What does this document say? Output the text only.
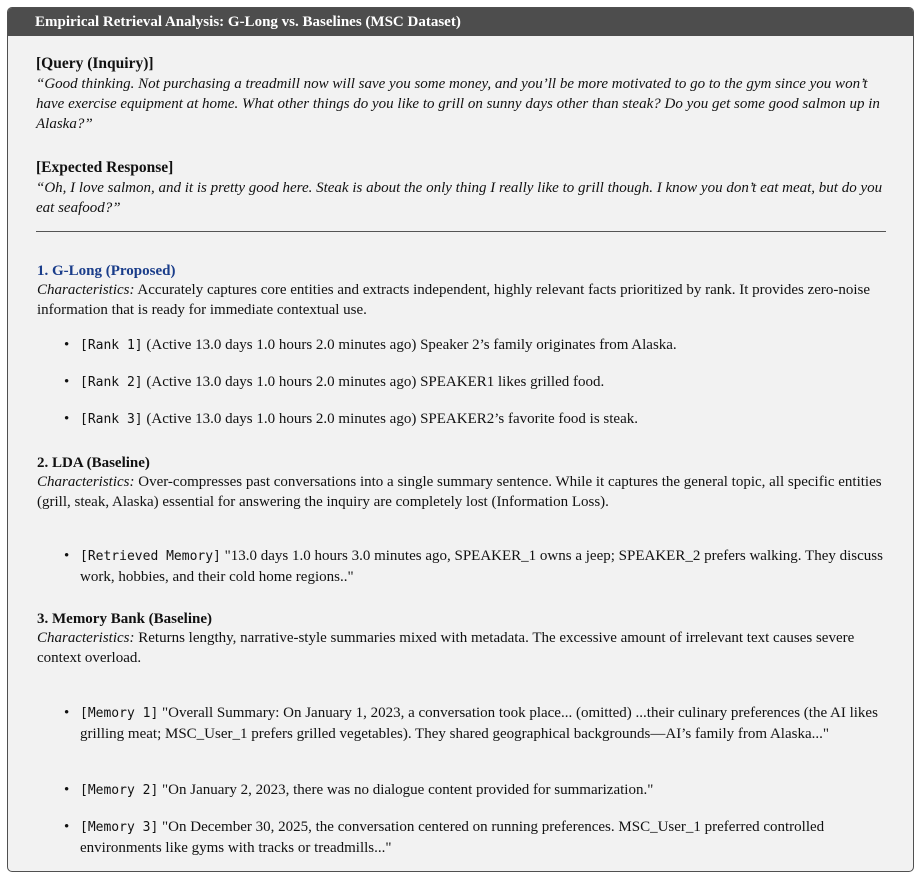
Empirical Retrieval Analysis: G-Long vs. Baselines (MSC Dataset)
[Query (Inquiry)]
“Good thinking. Not purchasing a treadmill now will save you some money, and you’ll be more motivated to go to the gym since you won’t have exercise equipment at home. What other things do you like to grill on sunny days other than steak? Do you get some good salmon up in Alaska?”
[Expected Response]
“Oh, I love salmon, and it is pretty good here. Steak is about the only thing I really like to grill though. I know you don’t eat meat, but do you eat seafood?”
1. G-Long (Proposed)
Characteristics: Accurately captures core entities and extracts independent, highly relevant facts prioritized by rank. It provides zero-noise information that is ready for immediate contextual use.
• [Rank 1] (Active 13.0 days 1.0 hours 2.0 minutes ago) Speaker 2’s family originates from Alaska.
• [Rank 2] (Active 13.0 days 1.0 hours 2.0 minutes ago) SPEAKER1 likes grilled food.
• [Rank 3] (Active 13.0 days 1.0 hours 2.0 minutes ago) SPEAKER2’s favorite food is steak.
2. LDA (Baseline)
Characteristics: Over-compresses past conversations into a single summary sentence. While it captures the general topic, all specific entities (grill, steak, Alaska) essential for answering the inquiry are completely lost (Information Loss).
• [Retrieved Memory] "13.0 days 1.0 hours 3.0 minutes ago, SPEAKER_1 owns a jeep; SPEAKER_2 prefers walking. They discuss work, hobbies, and their cold home regions.."
3. Memory Bank (Baseline)
Characteristics: Returns lengthy, narrative-style summaries mixed with metadata. The excessive amount of irrelevant text causes severe context overload.
• [Memory 1] "Overall Summary: On January 1, 2023, a conversation took place... (omitted) ...their culinary preferences (the AI likes grilling meat; MSC_User_1 prefers grilled vegetables). They shared geographical backgrounds—AI’s family from Alaska..."
• [Memory 2] "On January 2, 2023, there was no dialogue content provided for summarization."
• [Memory 3] "On December 30, 2025, the conversation centered on running preferences. MSC_User_1 preferred controlled environments like gyms with tracks or treadmills..."
